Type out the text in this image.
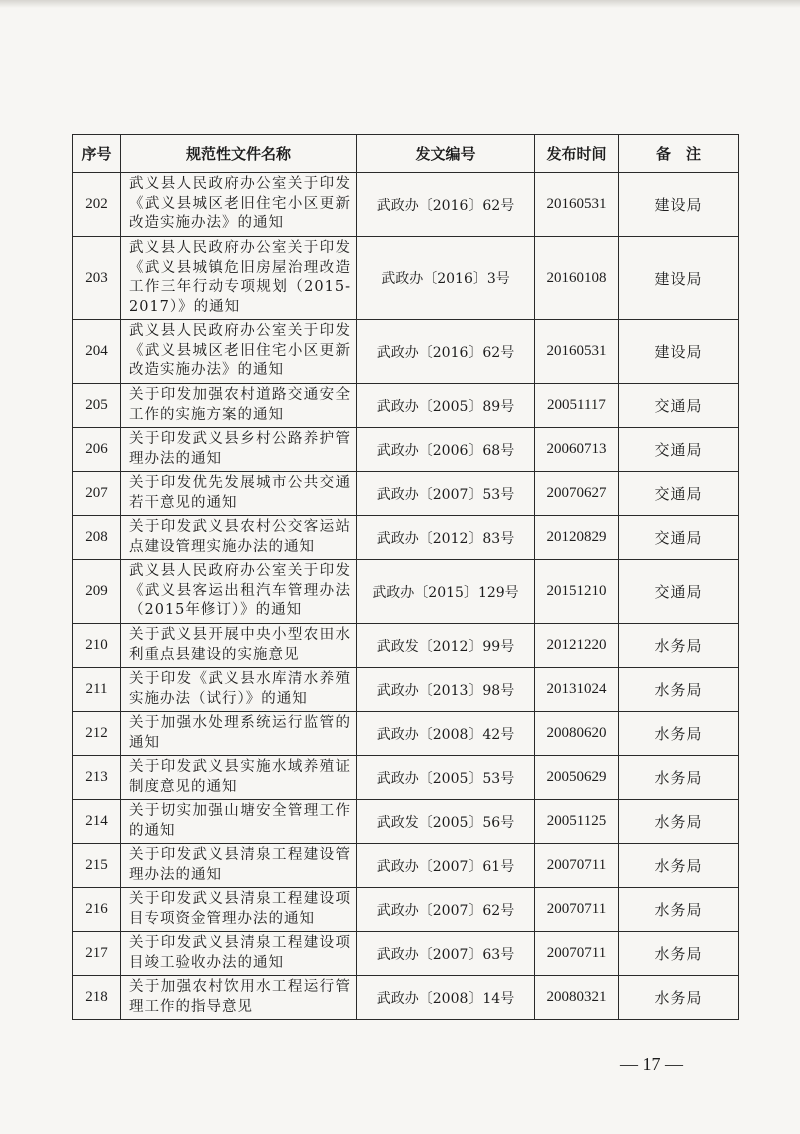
序号	规范性文件名称	发文编号	发布时间	备　注
202	武义县人民政府办公室关于印发《武义县城区老旧住宅小区更新改造实施办法》的通知	武政办〔2016〕62号	20160531	建设局
203	武义县人民政府办公室关于印发《武义县城镇危旧房屋治理改造工作三年行动专项规划（2015-2017）》的通知	武政办〔2016〕3号	20160108	建设局
204	武义县人民政府办公室关于印发《武义县城区老旧住宅小区更新改造实施办法》的通知	武政办〔2016〕62号	20160531	建设局
205	关于印发加强农村道路交通安全工作的实施方案的通知	武政办〔2005〕89号	20051117	交通局
206	关于印发武义县乡村公路养护管理办法的通知	武政办〔2006〕68号	20060713	交通局
207	关于印发优先发展城市公共交通若干意见的通知	武政办〔2007〕53号	20070627	交通局
208	关于印发武义县农村公交客运站点建设管理实施办法的通知	武政办〔2012〕83号	20120829	交通局
209	武义县人民政府办公室关于印发《武义县客运出租汽车管理办法（2015年修订）》的通知	武政办〔2015〕129号	20151210	交通局
210	关于武义县开展中央小型农田水利重点县建设的实施意见	武政发〔2012〕99号	20121220	水务局
211	关于印发《武义县水库清水养殖实施办法（试行）》的通知	武政办〔2013〕98号	20131024	水务局
212	关于加强水处理系统运行监管的通知	武政办〔2008〕42号	20080620	水务局
213	关于印发武义县实施水域养殖证制度意见的通知	武政办〔2005〕53号	20050629	水务局
214	关于切实加强山塘安全管理工作的通知	武政发〔2005〕56号	20051125	水务局
215	关于印发武义县清泉工程建设管理办法的通知	武政办〔2007〕61号	20070711	水务局
216	关于印发武义县清泉工程建设项目专项资金管理办法的通知	武政办〔2007〕62号	20070711	水务局
217	关于印发武义县清泉工程建设项目竣工验收办法的通知	武政办〔2007〕63号	20070711	水务局
218	关于加强农村饮用水工程运行管理工作的指导意见	武政办〔2008〕14号	20080321	水务局
— 17 —
